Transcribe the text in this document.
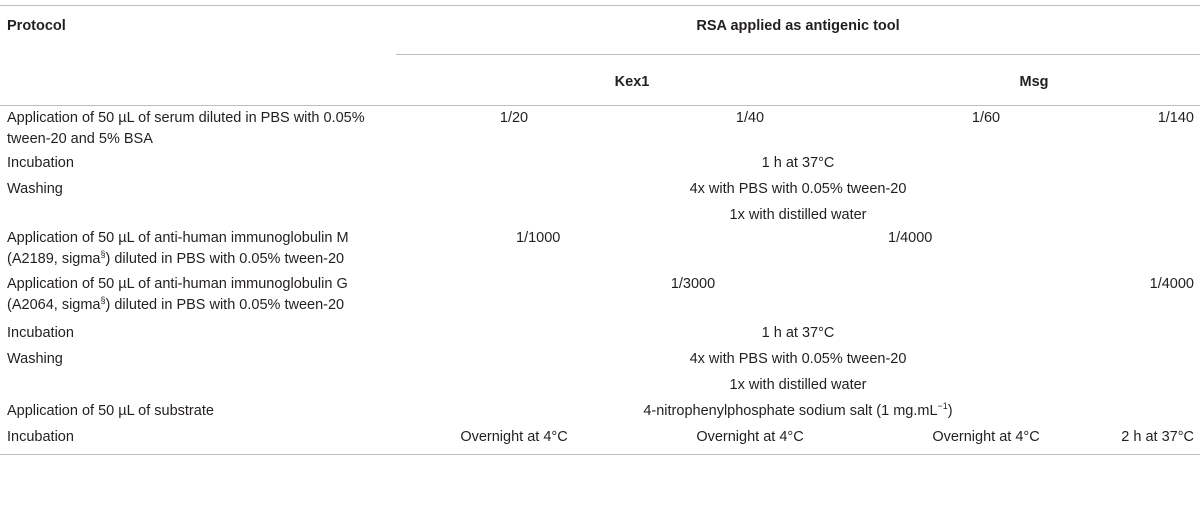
Protocol	RSA applied as antigenic tool			
	Kex1		Msg	
Application of 50 µL of serum diluted in PBS with 0.05% tween-20 and 5% BSA	1/20	1/40	1/60	1/140
Incubation	1 h at 37°C			
Washing	4x with PBS with 0.05% tween-20			
	1x with distilled water			
Application of 50 µL of anti-human immunoglobulin M (A2189, sigma§) diluted in PBS with 0.05% tween-20	1/1000		1/4000	
Application of 50 µL of anti-human immunoglobulin G (A2064, sigma§) diluted in PBS with 0.05% tween-20	1/3000			1/4000
Incubation	1 h at 37°C			
Washing	4x with PBS with 0.05% tween-20			
	1x with distilled water			
Application of 50 µL of substrate	4-nitrophenylphosphate sodium salt (1 $mg.mL^{-1}$)			
Incubation	Overnight at 4°C	Overnight at 4°C	Overnight at 4°C	2 h at 37°C
